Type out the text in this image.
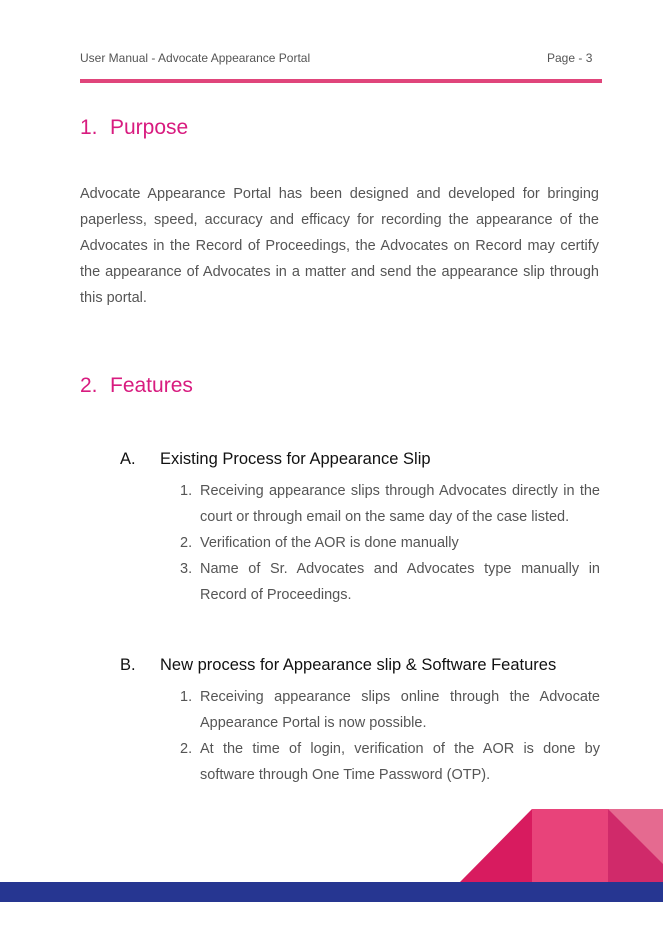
User Manual - Advocate Appearance Portal	Page - 3
1. Purpose

Advocate Appearance Portal has been designed and developed for bringing paperless, speed, accuracy and efficacy for recording the appearance of the Advocates in the Record of Proceedings, the Advocates on Record may certify the appearance of Advocates in a matter and send the appearance slip through this portal.

2. Features
A. Existing Process for Appearance Slip
1. Receiving appearance slips through Advocates directly in the court or through email on the same day of the case listed.
2. Verification of the AOR is done manually
3. Name of Sr. Advocates and Advocates type manually in Record of Proceedings.
B. New process for Appearance slip & Software Features
1. Receiving appearance slips online through the Advocate Appearance Portal is now possible.
2. At the time of login, verification of the AOR is done by software through One Time Password (OTP).
